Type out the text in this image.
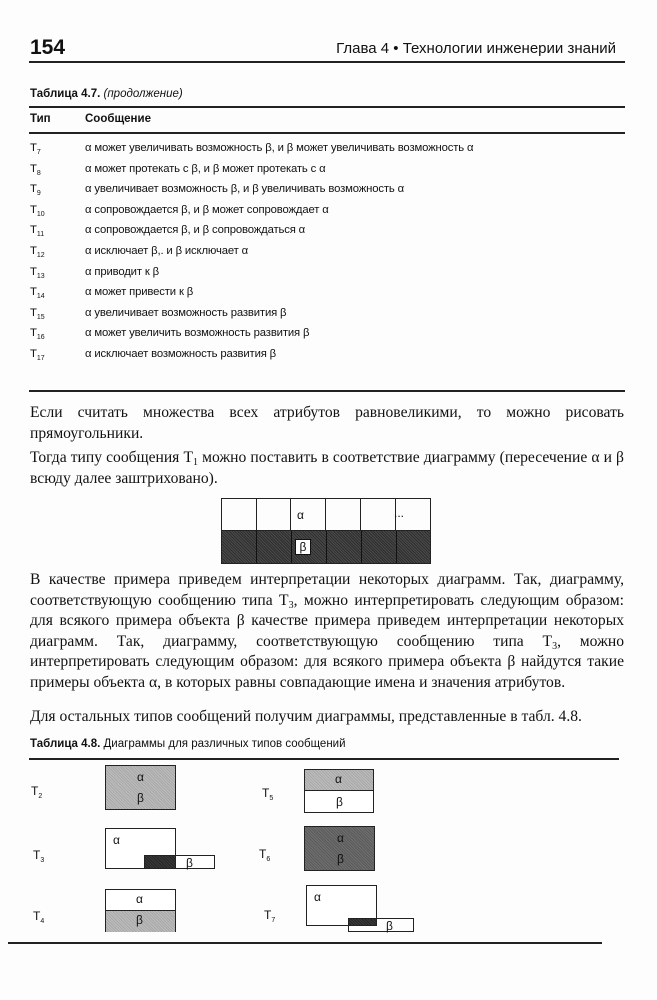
154	Глава 4 • Технологии инженерии знаний
Таблица 4.7. (продолжение)
Тип	Сообщение
$T_7$	α может увеличивать возможность β, и β может увеличивать возможность α
$T_8$	α может протекать с β, и β может протекать с α
$T_9$	α увеличивает возможность β, и β увеличивать возможность α
$T_{10}$	α сопровождается β, и β может сопровождает α
$T_{11}$	α сопровождается β, и β сопровождаться α
$T_{12}$	α исключает β,. и β исключает α
$T_{13}$	α приводит к β
$T_{14}$	α может привести к β
$T_{15}$	α увеличивает возможность развития β
$T_{16}$	α может увеличить возможность развития β
$T_{17}$	α исключает возможность развития β
Если считать множества всех атрибутов равновеликими, то можно рисовать прямоугольники.
Тогда типу сообщения $T_1$ можно поставить в соответствие диаграмму (пересечение α и β всюду далее заштриховано).
α	...
β
В качестве примера приведем интерпретации некоторых диаграмм. Так, диаграмму, соответствующую сообщению типа $T_3$, можно интерпретировать следующим образом: для всякого примера объекта β качестве примера приведем интерпретации некоторых диаграмм. Так, диаграмму, соответствующую сообщению типа $T_3$, можно интерпретировать следующим образом: для всякого примера объекта β найдутся такие примеры объекта α, в которых равны совпадающие имена и значения атрибутов.
Для остальных типов сообщений получим диаграммы, представленные в табл. 4.8.
Таблица 4.8. Диаграммы для различных типов сообщений
$T_2$
α
β
$T_3$
α
β
$T_4$
α
β
$T_5$
α
β
$T_6$
α
β
$T_7$
α
β
